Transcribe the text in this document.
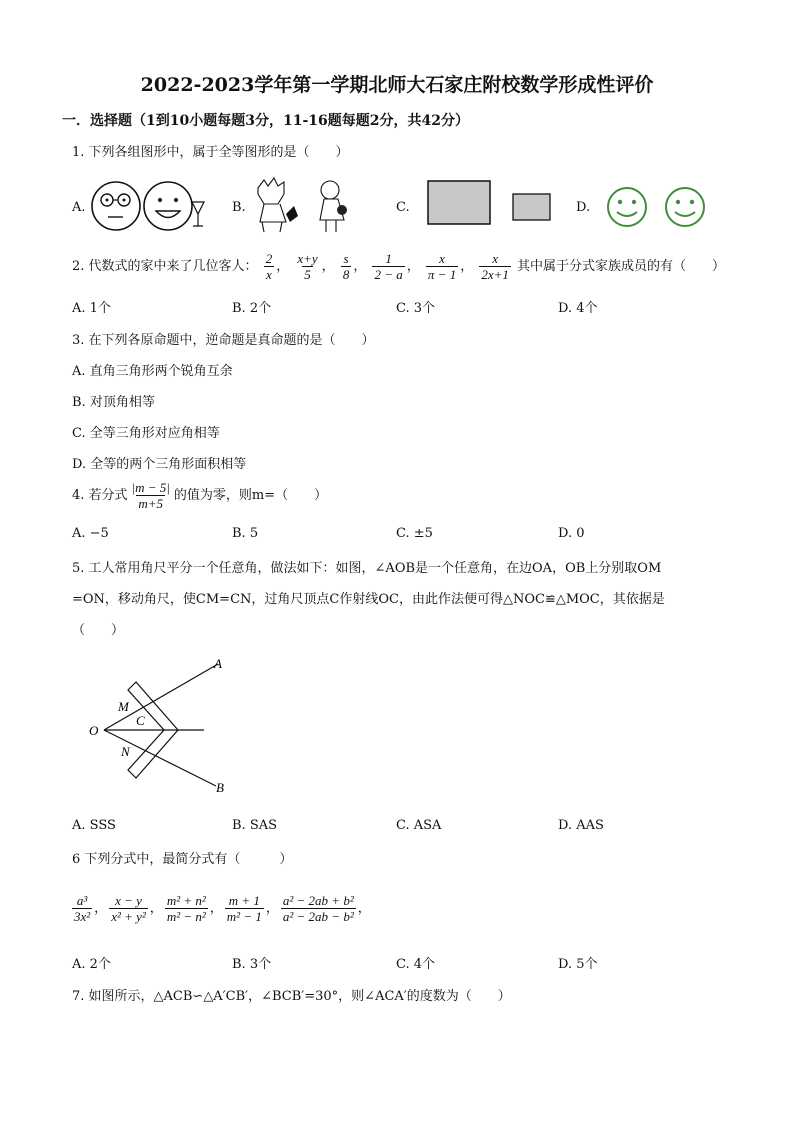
2022-2023学年第一学期北师大石家庄附校数学形成性评价
一．选择题（1到10小题每题3分，11-16题每题2分，共42分）
1. 下列各组图形中，属于全等图形的是（　　）
A.	B.	C.	D.
2. 代数式的家中来了几位客人： $\frac{2}{x}$ ， $\frac{x+y}{5}$ ， $\frac{s}{8}$ ， $\frac{1}{2 - a}$ ， $\frac{x}{\pi - 1}$ ， $\frac{x}{2x+1}$ 其中属于分式家族成员的有（　　）
A. 1个	B. 2个	C. 3个	D. 4个
3. 在下列各原命题中，逆命题是真命题的是（　　）
A. 直角三角形两个锐角互余
B. 对顶角相等
C. 全等三角形对应角相等
D. 全等的两个三角形面积相等
4. 若分式 $\frac{|m - 5|}{m+5}$ 的值为零，则m=（　　）
A. −5	B. 5	C. ±5	D. 0
5. 工人常用角尺平分一个任意角，做法如下：如图，∠AOB是一个任意角，在边OA，OB上分别取OM
=ON，移动角尺，使CM=CN，过角尺顶点C作射线OC，由此作法便可得△NOC≌△MOC，其依据是
（　　）
A
B
O
M
N
C
A. SSS	B. SAS	C. ASA	D. AAS
6 下列分式中，最简分式有（　　　）
$\frac{\text{a³}}{\text{3x²}}$ ， $\frac{x - y}{\text{x² + y²}}$ ， $\frac{\text{m² + n²}}{\text{m² − n²}}$ ， $\frac{m + 1}{\text{m² − 1}}$ ， $\frac{\text{a² − 2ab + b²}}{\text{a² − 2ab − b²}}$ ，
A. 2个	B. 3个	C. 4个	D. 5个
7. 如图所示，△ACB∽△A′CB′，∠BCB′=30°，则∠ACA′的度数为（　　）
